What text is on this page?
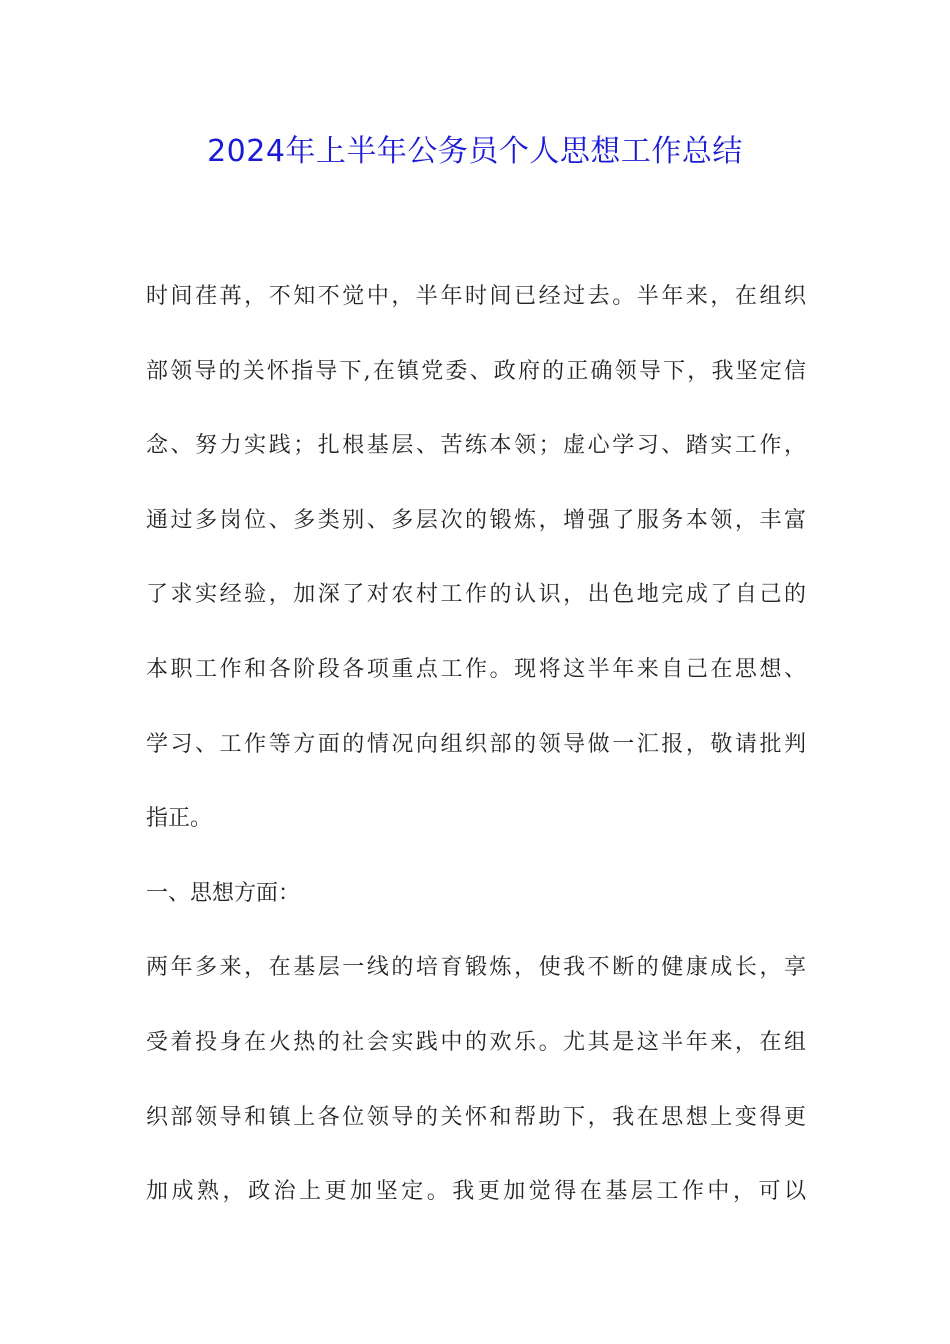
2024年上半年公务员个人思想工作总结
时间荏苒，不知不觉中，半年时间已经过去。半年来，在组织
部领导的关怀指导下,在镇党委、政府的正确领导下，我坚定信
念、努力实践；扎根基层、苦练本领；虚心学习、踏实工作，
通过多岗位、多类别、多层次的锻炼，增强了服务本领，丰富
了求实经验，加深了对农村工作的认识，出色地完成了自己的
本职工作和各阶段各项重点工作。现将这半年来自己在思想、
学习、工作等方面的情况向组织部的领导做一汇报，敬请批判
指正。
一、思想方面：
两年多来，在基层一线的培育锻炼，使我不断的健康成长，享
受着投身在火热的社会实践中的欢乐。尤其是这半年来，在组
织部领导和镇上各位领导的关怀和帮助下，我在思想上变得更
加成熟，政治上更加坚定。我更加觉得在基层工作中，可以
